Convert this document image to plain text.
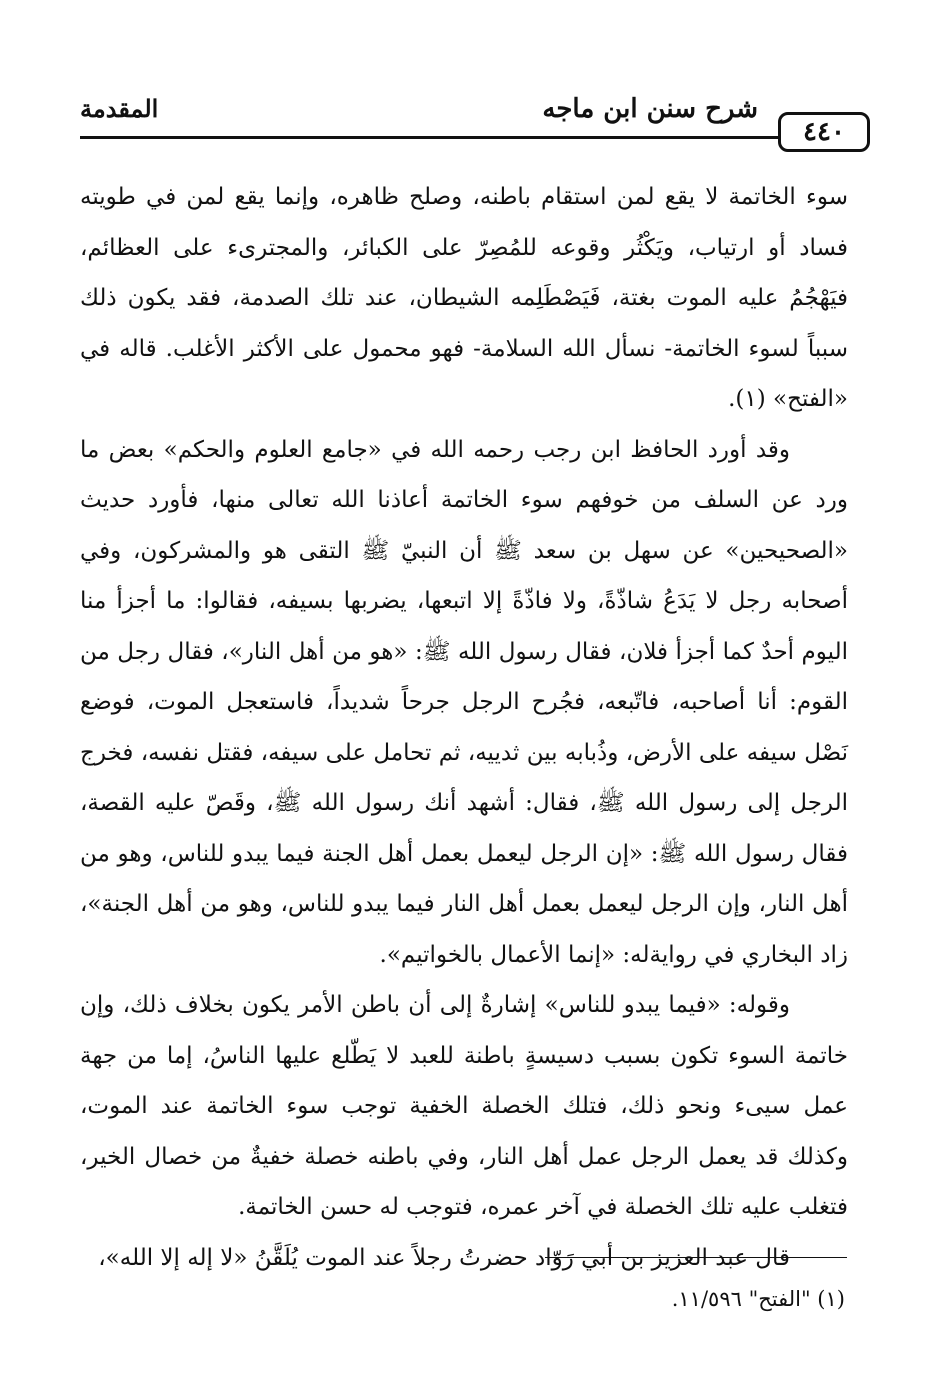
٤٤٠
شرح سنن ابن ماجه
المقدمة

سوء الخاتمة لا يقع لمن استقام باطنه، وصلح ظاهره، وإنما يقع لمن في طويته فساد أو ارتياب، ويَكْثُر وقوعه للمُصِرّ على الكبائر، والمجترىء على العظائم، فيَهْجُمُ عليه الموت بغتة، فَيَصْطَلِمه الشيطان، عند تلك الصدمة، فقد يكون ذلك سبباً لسوء الخاتمة- نسأل الله السلامة- فهو محمول على الأكثر الأغلب. قاله في «الفتح» (١).

وقد أورد الحافظ ابن رجب رحمه الله في «جامع العلوم والحكم» بعض ما ورد عن السلف من خوفهم سوء الخاتمة أعاذنا الله تعالى منها، فأورد حديث «الصحيحين» عن سهل بن سعد ﷺ أن النبيّ ﷺ التقى هو والمشركون، وفي أصحابه رجل لا يَدَعُ شاذّةً، ولا فاذّةً إلا اتبعها، يضربها بسيفه، فقالوا: ما أجزأ منا اليوم أحدٌ كما أجزأ فلان، فقال رسول الله ﷺ: «هو من أهل النار»، فقال رجل من القوم: أنا أصاحبه، فاتّبعه، فجُرح الرجل جرحاً شديداً، فاستعجل الموت، فوضع نَصْل سيفه على الأرض، وذُبابه بين ثدييه، ثم تحامل على سيفه، فقتل نفسه، فخرج الرجل إلى رسول الله ﷺ، فقال: أشهد أنك رسول الله ﷺ، وقَصّ عليه القصة، فقال رسول الله ﷺ: «إن الرجل ليعمل بعمل أهل الجنة فيما يبدو للناس، وهو من أهل النار، وإن الرجل ليعمل بعمل أهل النار فيما يبدو للناس، وهو من أهل الجنة»، زاد البخاري في روايةله: «إنما الأعمال بالخواتيم».

وقوله: «فيما يبدو للناس» إشارةٌ إلى أن باطن الأمر يكون بخلاف ذلك، وإن خاتمة السوء تكون بسبب دسيسةٍ باطنة للعبد لا يَطّلع عليها الناسُ، إما من جهة عمل سيىء ونحو ذلك، فتلك الخصلة الخفية توجب سوء الخاتمة عند الموت، وكذلك قد يعمل الرجل عمل أهل النار، وفي باطنه خصلة خفيةٌ من خصال الخير، فتغلب عليه تلك الخصلة في آخر عمره، فتوجب له حسن الخاتمة.

قال عبد العزيز بن أبي رَوّاد حضرتُ رجلاً عند الموت يُلَقَّنُ «لا إله إلا الله»،

(١) "الفتح" ١١/٥٩٦.
